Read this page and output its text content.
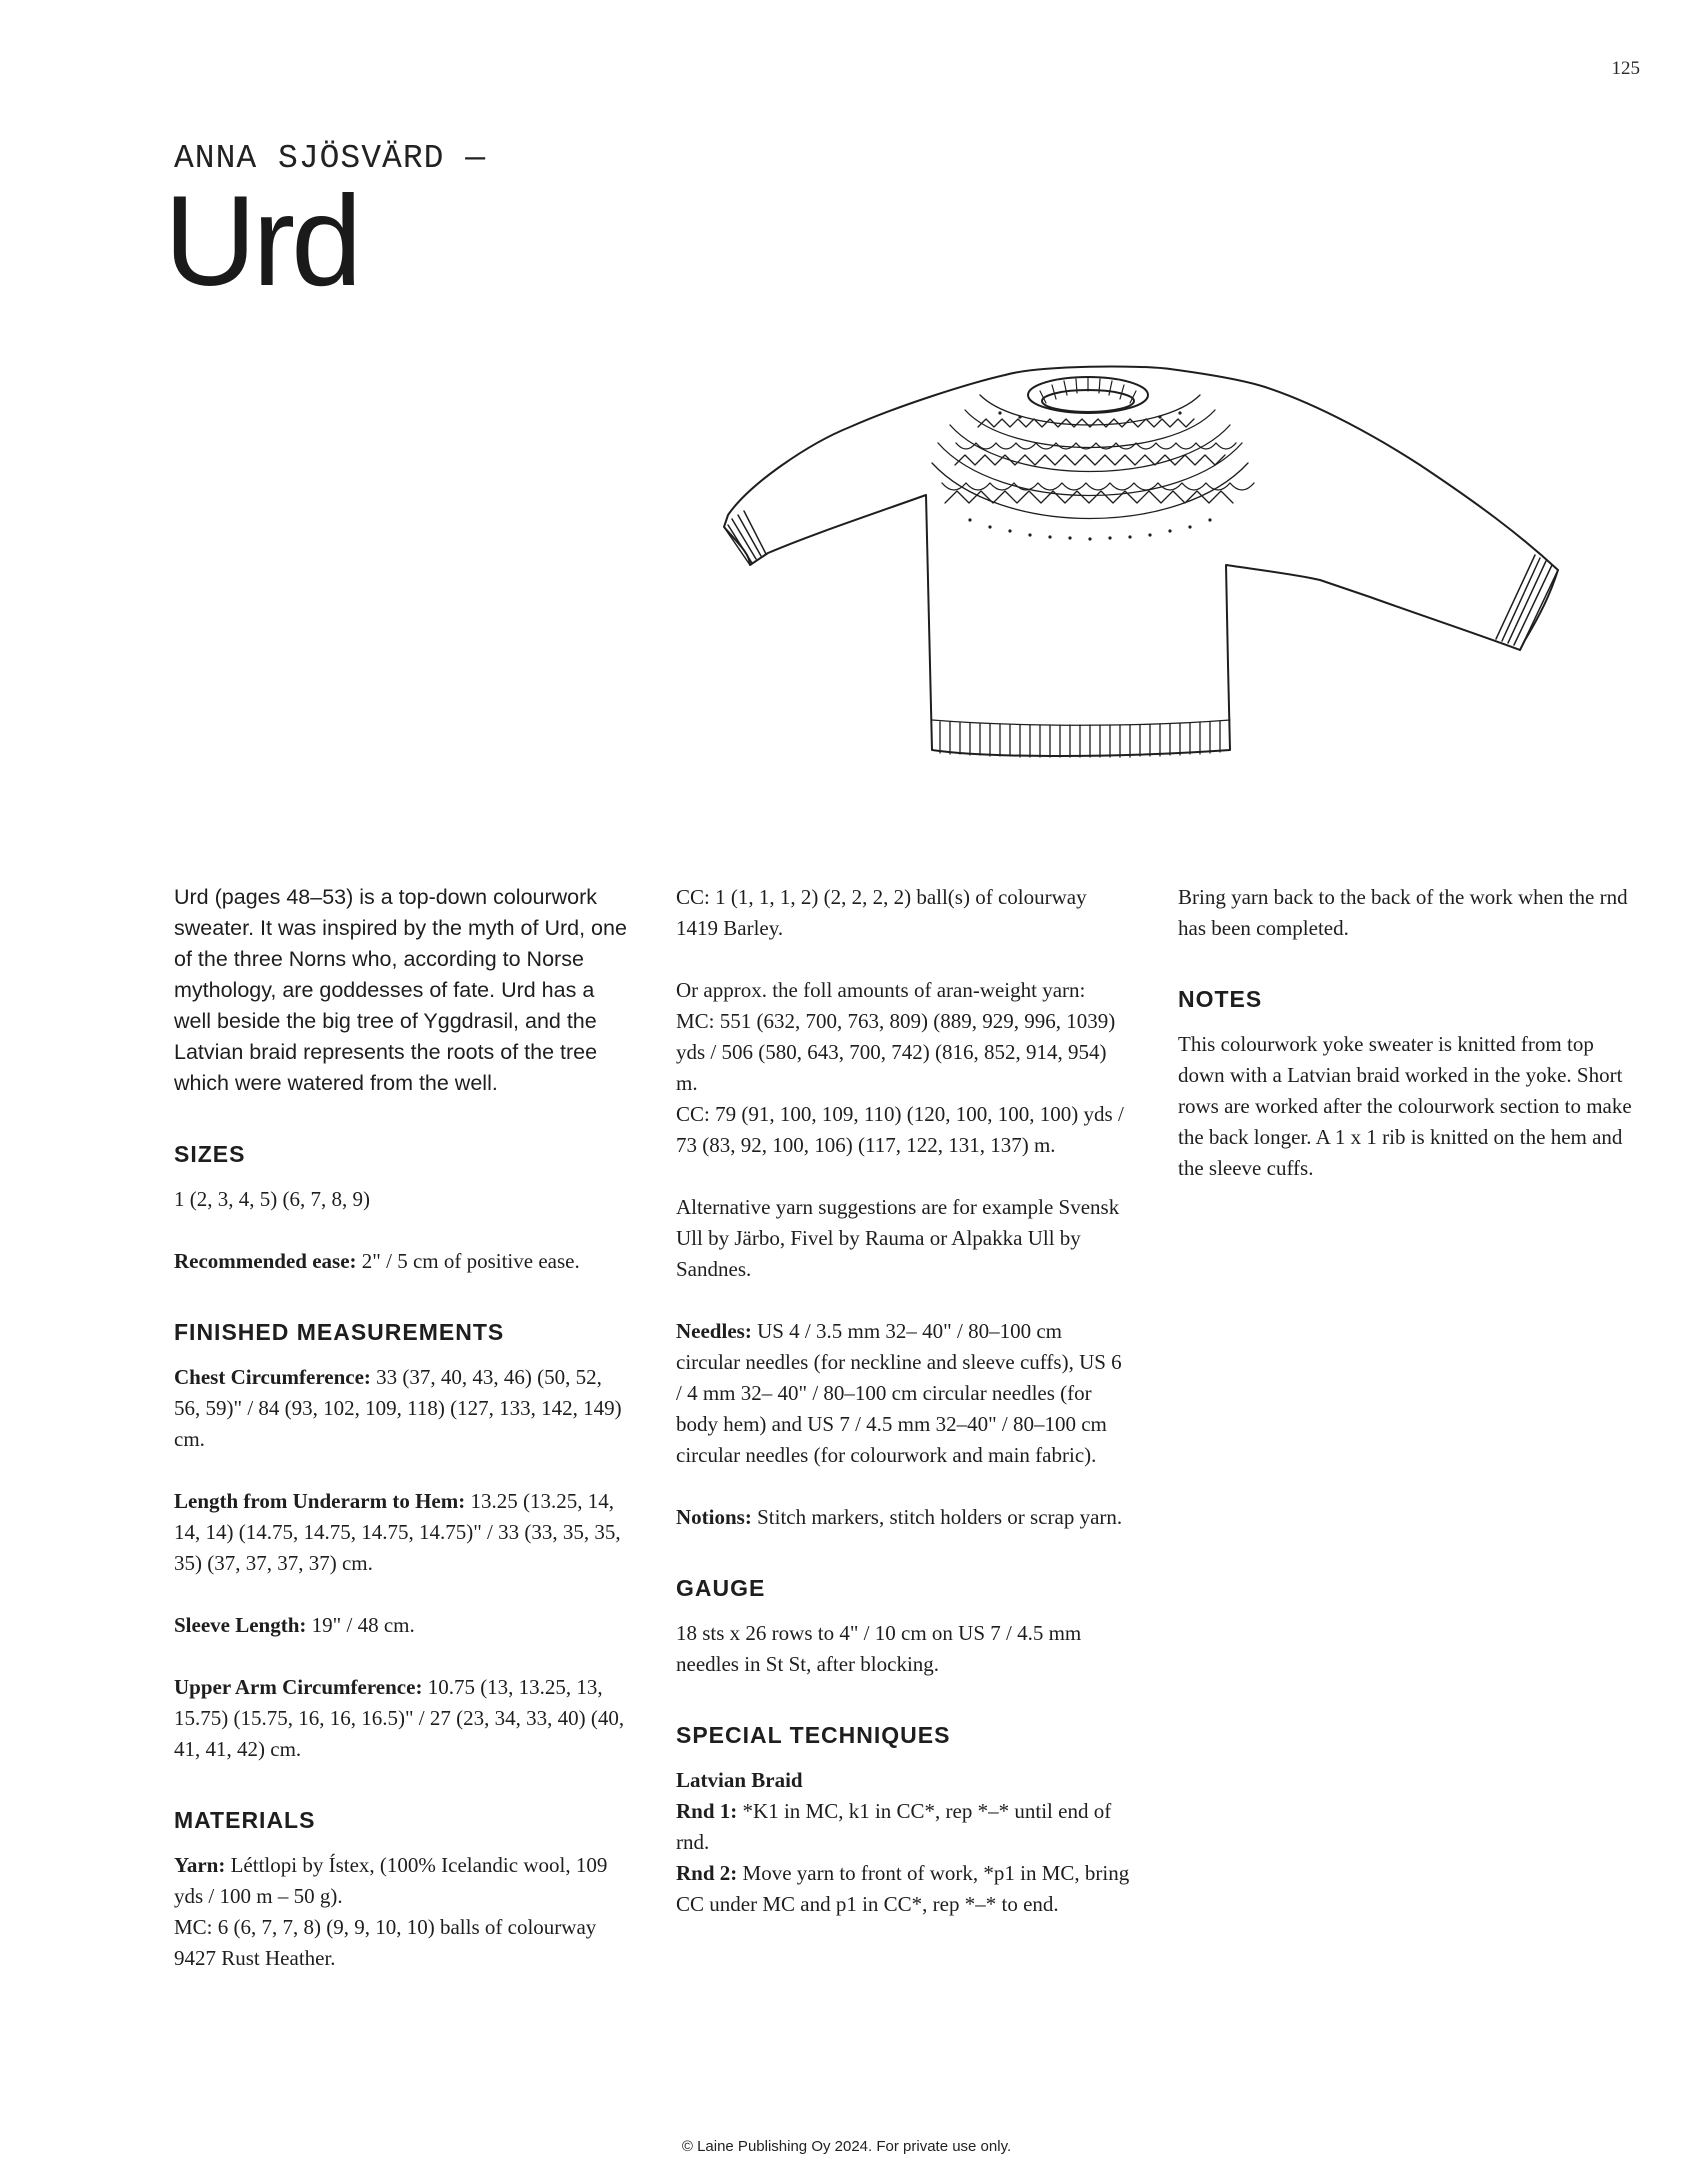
125
ANNA SJÖSVÄRD —
Urd

Urd (pages 48–53) is a top-down colourwork sweater. It was inspired by the myth of Urd, one of the three Norns who, according to Norse mythology, are goddesses of fate. Urd has a well beside the big tree of Yggdrasil, and the Latvian braid represents the roots of the tree which were watered from the well.

SIZES

1 (2, 3, 4, 5) (6, 7, 8, 9)

Recommended ease: 2" / 5 cm of positive ease.

FINISHED MEASUREMENTS

Chest Circumference: 33 (37, 40, 43, 46) (50, 52, 56, 59)" / 84 (93, 102, 109, 118) (127, 133, 142, 149) cm.

Length from Underarm to Hem: 13.25 (13.25, 14, 14, 14) (14.75, 14.75, 14.75, 14.75)" / 33 (33, 35, 35, 35) (37, 37, 37, 37) cm.

Sleeve Length: 19" / 48 cm.

Upper Arm Circumference: 10.75 (13, 13.25, 13, 15.75) (15.75, 16, 16, 16.5)" / 27 (23, 34, 33, 40) (40, 41, 41, 42) cm.

MATERIALS

Yarn: Léttlopi by Ístex, (100% Icelandic wool, 109 yds / 100 m – 50 g).

MC: 6 (6, 7, 7, 8) (9, 9, 10, 10) balls of colourway 9427 Rust Heather.

CC: 1 (1, 1, 1, 2) (2, 2, 2, 2) ball(s) of colourway 1419 Barley.

Or approx. the foll amounts of aran-weight yarn:

MC: 551 (632, 700, 763, 809) (889, 929, 996, 1039) yds / 506 (580, 643, 700, 742) (816, 852, 914, 954) m.

CC: 79 (91, 100, 109, 110) (120, 100, 100, 100) yds / 73 (83, 92, 100, 106) (117, 122, 131, 137) m.

Alternative yarn suggestions are for example Svensk Ull by Järbo, Fivel by Rauma or Alpakka Ull by Sandnes.

Needles: US 4 / 3.5 mm 32– 40" / 80–100 cm circular needles (for neckline and sleeve cuffs), US 6 / 4 mm 32– 40" / 80–100 cm circular needles (for body hem) and US 7 / 4.5 mm 32–40" / 80–100 cm circular needles (for colourwork and main fabric).

Notions: Stitch markers, stitch holders or scrap yarn.

GAUGE

18 sts x 26 rows to 4" / 10 cm on US 7 / 4.5 mm needles in St St, after blocking.

SPECIAL TECHNIQUES

Latvian Braid

Rnd 1: *K1 in MC, k1 in CC*, rep *–* until end of rnd.

Rnd 2: Move yarn to front of work, *p1 in MC, bring CC under MC and p1 in CC*, rep *–* to end.

Bring yarn back to the back of the work when the rnd has been completed.

NOTES

This colourwork yoke sweater is knitted from top down with a Latvian braid worked in the yoke. Short rows are worked after the colourwork section to make the back longer. A 1 x 1 rib is knitted on the hem and the sleeve cuffs.

© Laine Publishing Oy 2024. For private use only.
